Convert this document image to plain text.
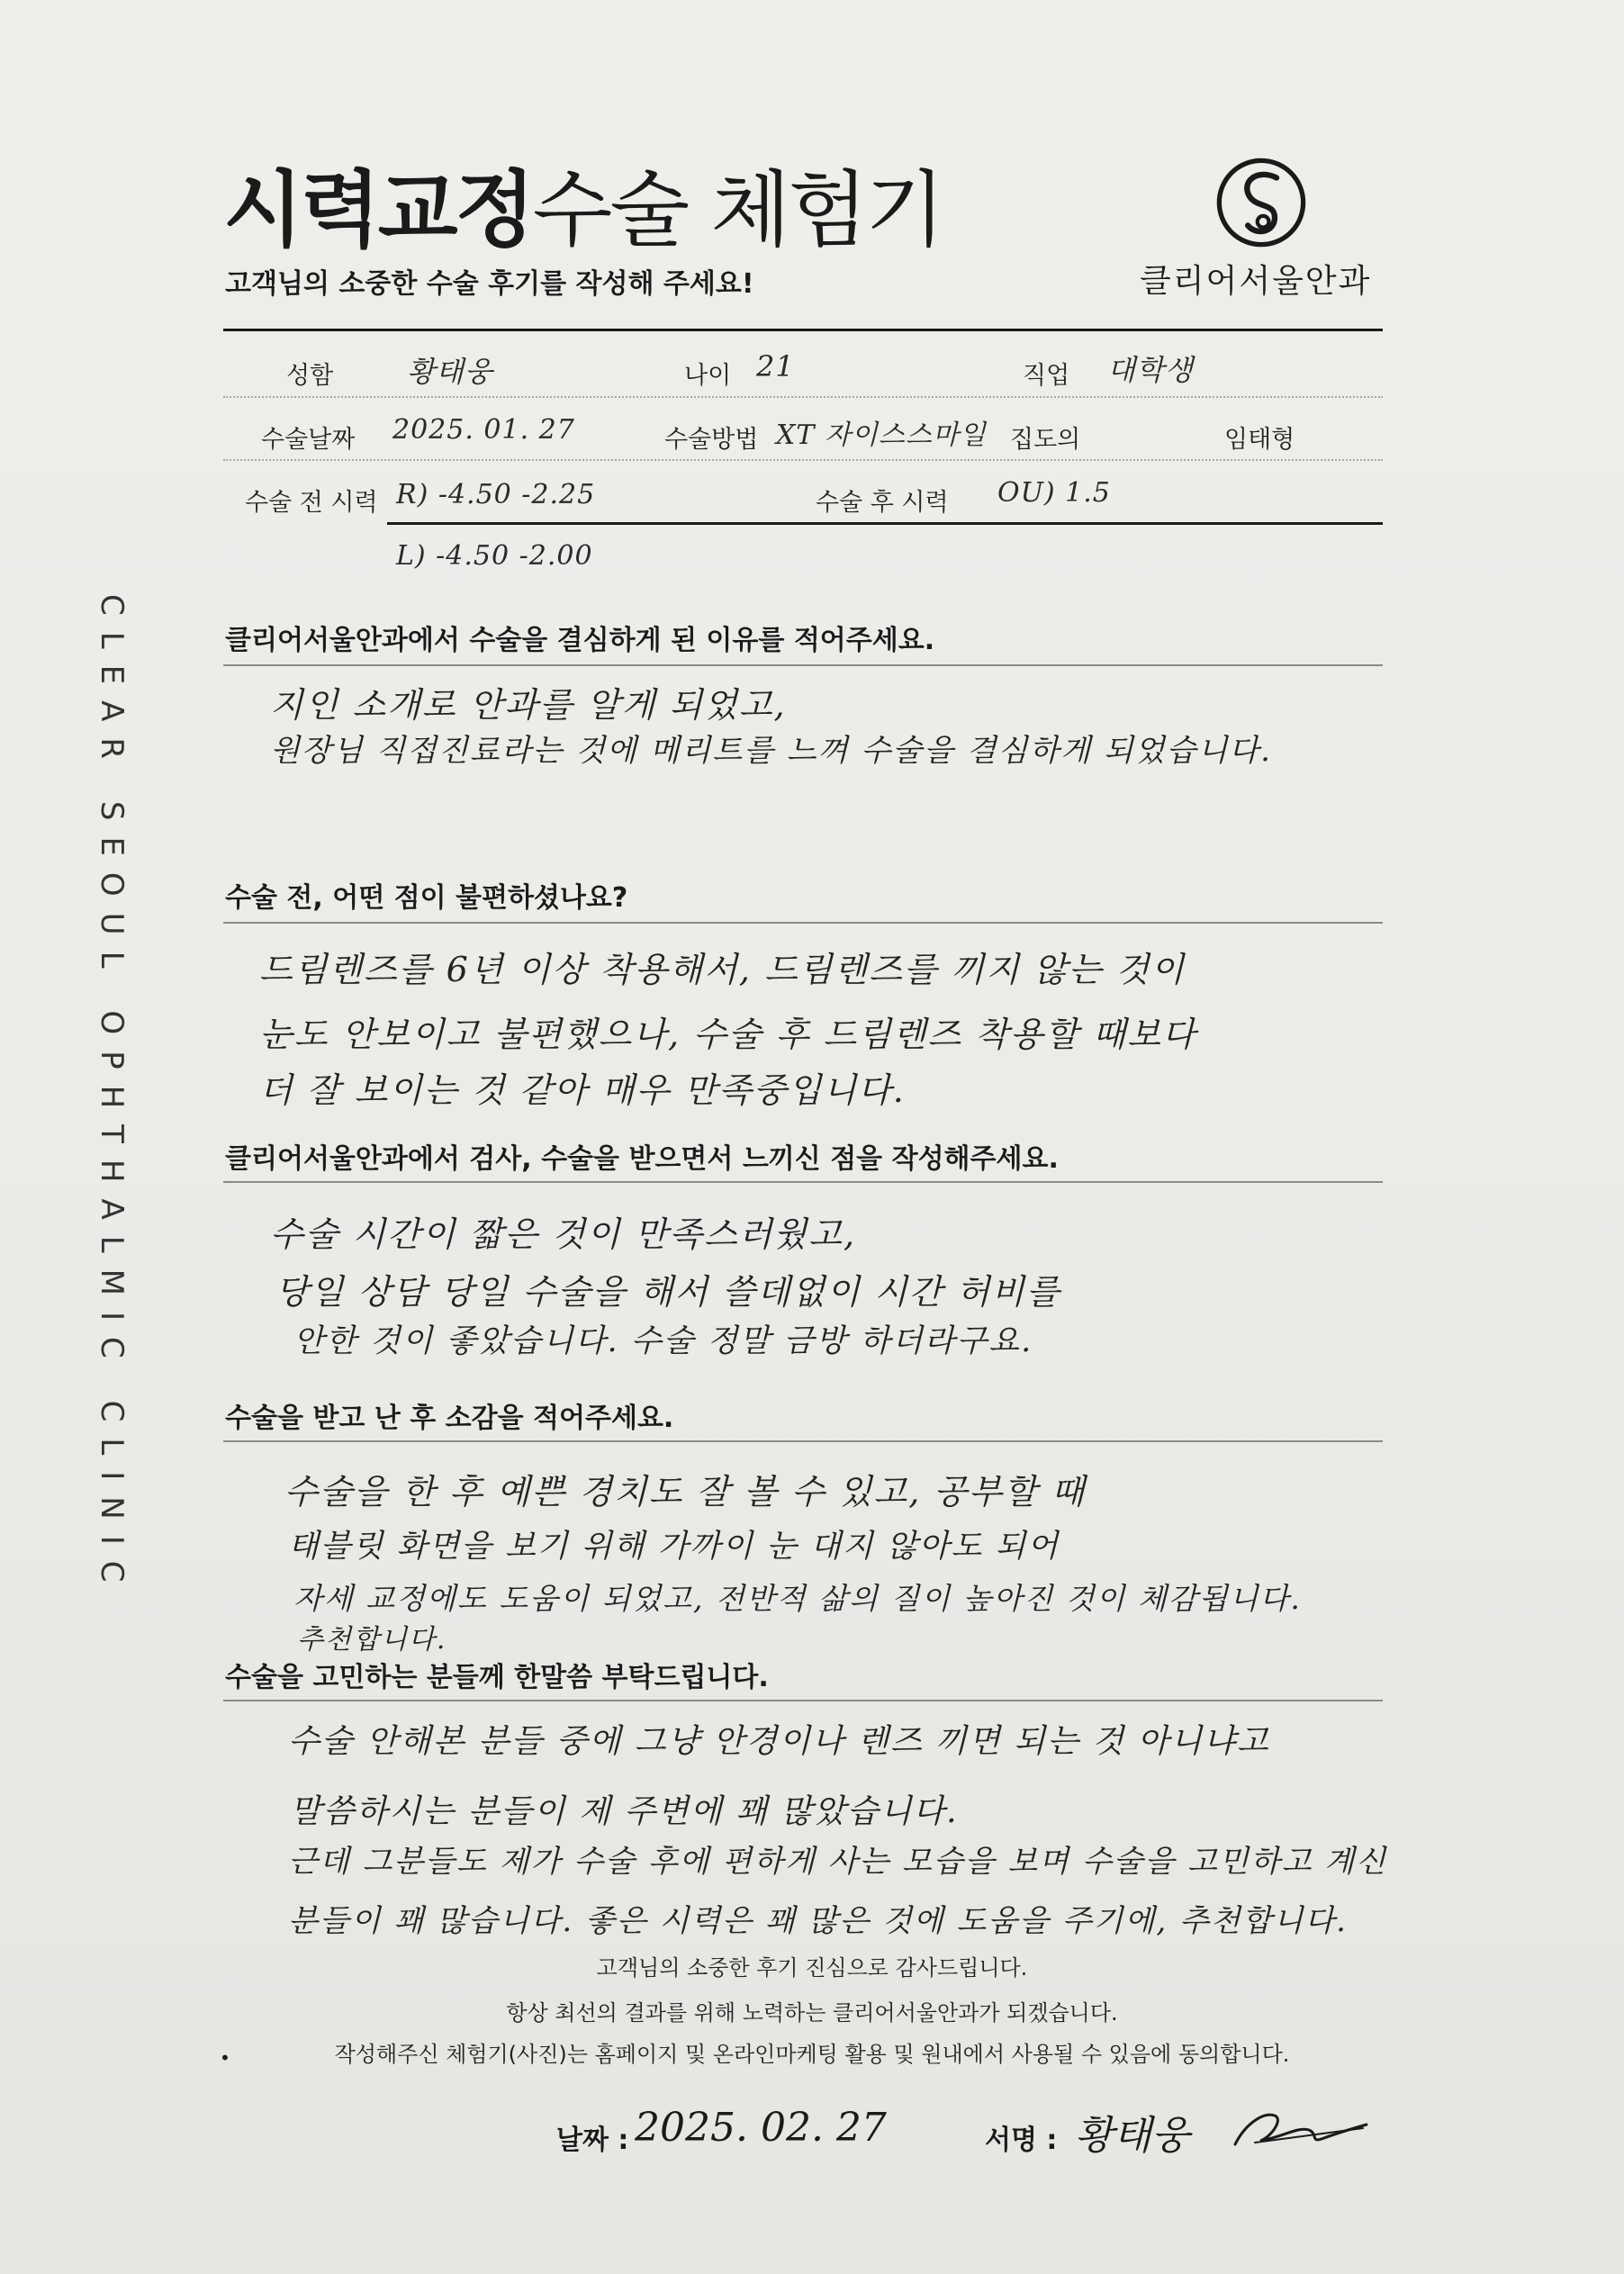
시력교정수술 체험기
고객님의 소중한 수술 후기를 작성해 주세요!	클리어서울안과
CLEAR SEOUL OPHTHALMIC CLINIC
성함	황태웅	나이 21	직업 대학생
수술날짜 2025. 01. 27	수술방법 XT 자이스스마일 집도의	임태형
수술 전 시력 R) -4.50 -2.25	수술 후 시력 OU) 1.5
L) -4.50 -2.00
클리어서울안과에서 수술을 결심하게 된 이유를 적어주세요.
지인 소개로 안과를 알게 되었고,
원장님 직접진료라는 것에 메리트를 느껴 수술을 결심하게 되었습니다.
수술 전, 어떤 점이 불편하셨나요?
드림렌즈를 6년 이상 착용해서, 드림렌즈를 끼지 않는 것이
눈도 안보이고 불편했으나, 수술 후 드림렌즈 착용할 때보다
더 잘 보이는 것 같아 매우 만족중입니다.
클리어서울안과에서 검사, 수술을 받으면서 느끼신 점을 작성해주세요.
수술 시간이 짧은 것이 만족스러웠고,
당일 상담 당일 수술을 해서 쓸데없이 시간 허비를
안한 것이 좋았습니다. 수술 정말 금방 하더라구요.
수술을 받고 난 후 소감을 적어주세요.
수술을 한 후 예쁜 경치도 잘 볼 수 있고, 공부할 때
태블릿 화면을 보기 위해 가까이 눈 대지 않아도 되어
자세 교정에도 도움이 되었고, 전반적 삶의 질이 높아진 것이 체감됩니다.
추천합니다.
수술을 고민하는 분들께 한말씀 부탁드립니다.
수술 안해본 분들 중에 그냥 안경이나 렌즈 끼면 되는 것 아니냐고
말씀하시는 분들이 제 주변에 꽤 많았습니다.
근데 그분들도 제가 수술 후에 편하게 사는 모습을 보며 수술을 고민하고 계신
분들이 꽤 많습니다. 좋은 시력은 꽤 많은 것에 도움을 주기에, 추천합니다.
고객님의 소중한 후기 진심으로 감사드립니다.
항상 최선의 결과를 위해 노력하는 클리어서울안과가 되겠습니다.
•	작성해주신 체험기(사진)는 홈페이지 및 온라인마케팅 활용 및 원내에서 사용될 수 있음에 동의합니다.
날짜 : 2025. 02. 27	서명 : 황태웅
